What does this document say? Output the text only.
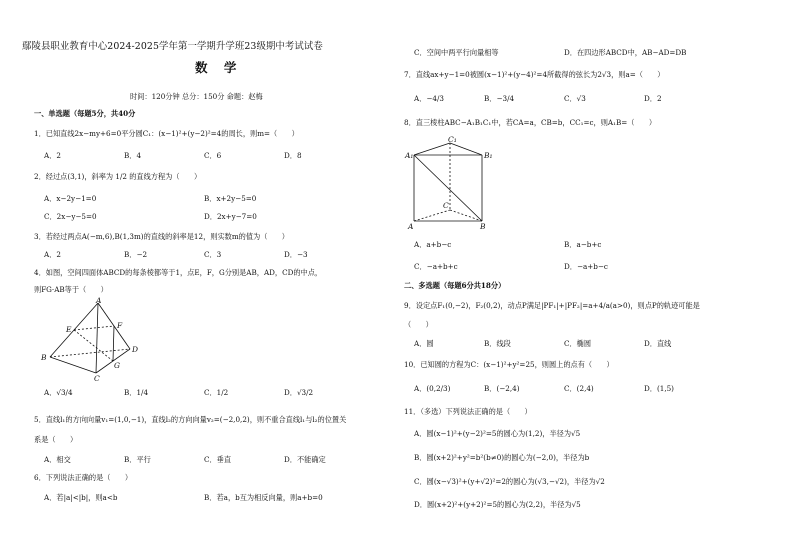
鄢陵县职业教育中心2024-2025学年第一学期升学班23级期中考试试卷
数 学
时间：120分钟 总分：150分 命题：赵梅
一、单选题（每题5分，共40分
1．已知直线2x−my+6=0平分圆C₁：(x−1)²+(y−2)²=4的周长，则m=（　　）
A．2	B．4	C．6	D．8
2．经过点(3,1)，斜率为 1/2 的直线方程为（　　）
A．x−2y−1=0	B．x+2y−5=0
C．2x−y−5=0	D．2x+y−7=0
3．若经过两点A(−m,6),B(1,3m)的直线的斜率是12，则实数m的值为（　　）
A．2	B．−2	C．3	D．−3
4．如图，空间四面体ABCD的每条棱都等于1，点E，F，G分别是AB，AD，CD的中点，
则FG·AB等于（　　）
A
E	F
B
D
G
C
A．√3/4	B．1/4	C．1/2	D．√3/2
5．直线l₁的方向向量v₁=(1,0,−1)，直线l₂的方向向量v₂=(−2,0,2)，则不重合直线l₁与l₂的位置关
系是（　　）
A．相交	B．平行	C．垂直	D．不能确定
6．下列说法正确的是（　　）
A．若|a|<|b|，则a<b	B．若a，b互为相反向量，则a+b=0
C．空间中两平行向量相等	D．在四边形ABCD中，AB−AD=DB
7．直线ax+y−1=0被圆(x−1)²+(y−4)²=4所截得的弦长为2√3，则a=（　　）
A．−4/3	B．−3/4	C．√3	D．2
8．直三棱柱ABC−A₁B₁C₁中，若CA=a，CB=b，CC₁=c，则A₁B=（　　）
C₁
A₁	B₁
C
A	B
A．a+b−c	B．a−b+c
C．−a+b+c	D．−a+b−c
二、多选题（每题6分共18分）
9．设定点F₁(0,−2)，F₂(0,2)，动点P满足|PF₁|+|PF₂|=a+4/a(a>0)，则点P的轨迹可能是
（　　）
A．圆	B．线段	C．椭圆	D．直线
10．已知圆的方程为C：(x−1)²+y²=25，则圆上的点有（　　）
A．(0,2/3)	B．(−2,4)	C．(2,4)	D．(1,5)
11．（多选）下列说法正确的是（　　）
A．圆(x−1)²+(y−2)²=5的圆心为(1,2)，半径为√5
B．圆(x+2)²+y²=b²(b≠0)的圆心为(−2,0)，半径为b
C．圆(x−√3)²+(y+√2)²=2的圆心为(√3,−√2)，半径为√2
D．圆(x+2)²+(y+2)²=5的圆心为(2,2)，半径为√5
